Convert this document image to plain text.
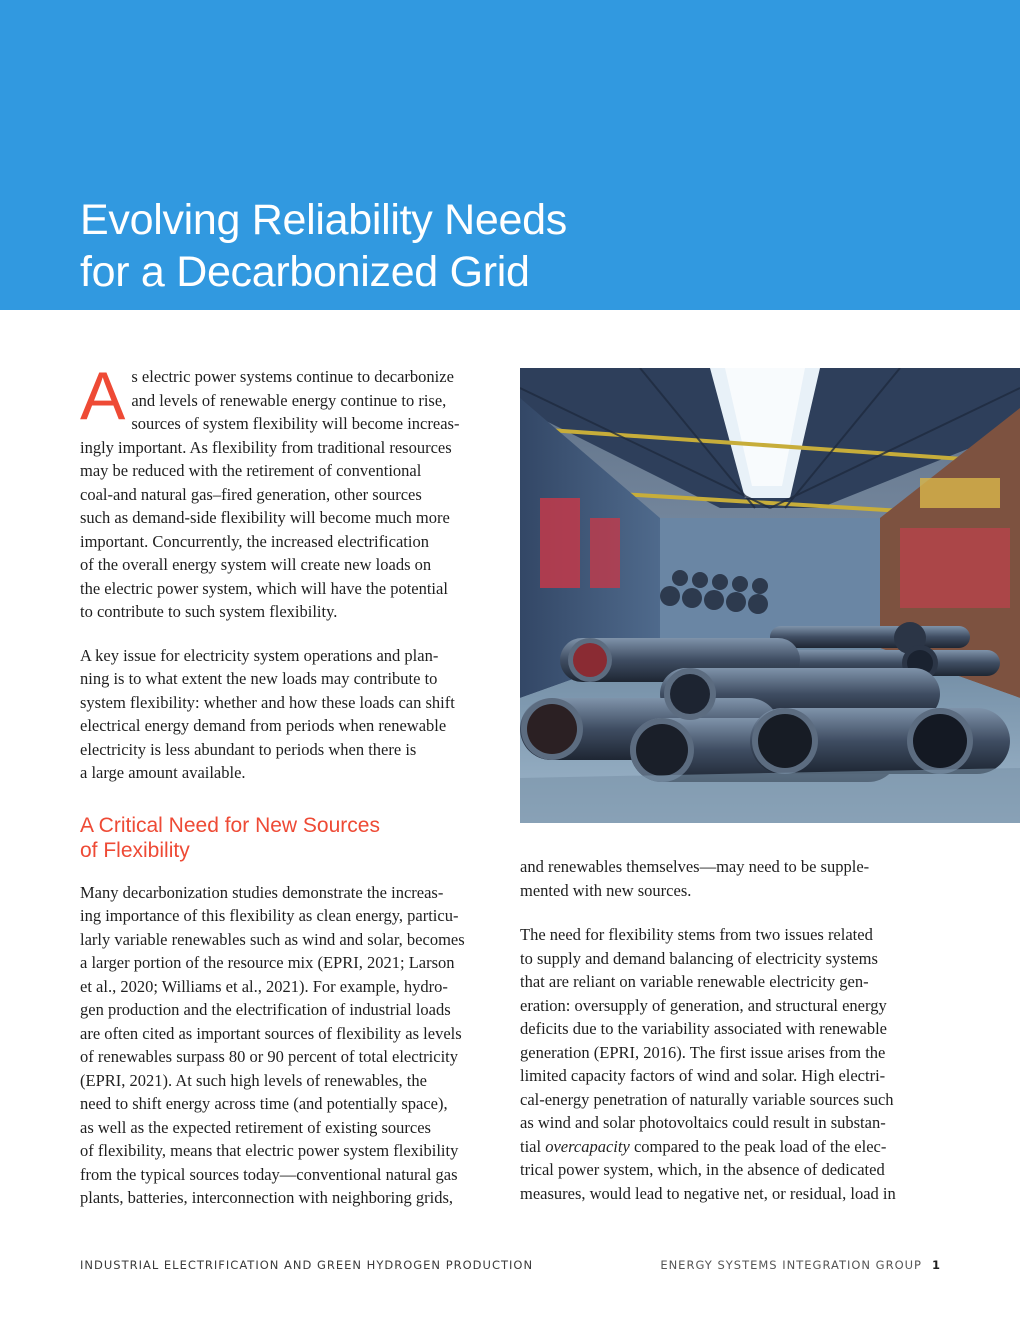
Evolving Reliability Needs
for a Decarbonized Grid
A s electric power systems continue to decarbonize
and levels of renewable energy continue to rise,
sources of system flexibility will become increas-
ingly important. As flexibility from traditional resources
may be reduced with the retirement of conventional
coal-and natural gas–fired generation, other sources
such as demand-side flexibility will become much more
important. Concurrently, the increased electrification
of the overall energy system will create new loads on
the electric power system, which will have the potential
to contribute to such system flexibility.
A key issue for electricity system operations and plan-
ning is to what extent the new loads may contribute to
system flexibility: whether and how these loads can shift
electrical energy demand from periods when renewable
electricity is less abundant to periods when there is
a large amount available.
A Critical Need for New Sources
of Flexibility
Many decarbonization studies demonstrate the increas-
ing importance of this flexibility as clean energy, particu-
larly variable renewables such as wind and solar, becomes
a larger portion of the resource mix (EPRI, 2021; Larson
et al., 2020; Williams et al., 2021). For example, hydro-
gen production and the electrification of industrial loads
are often cited as important sources of flexibility as levels
of renewables surpass 80 or 90 percent of total electricity
(EPRI, 2021). At such high levels of renewables, the
need to shift energy across time (and potentially space),
as well as the expected retirement of existing sources
of flexibility, means that electric power system flexibility
from the typical sources today—conventional natural gas
plants, batteries, interconnection with neighboring grids,
and renewables themselves—may need to be supple-
mented with new sources.
The need for flexibility stems from two issues related
to supply and demand balancing of electricity systems
that are reliant on variable renewable electricity gen-
eration: oversupply of generation, and structural energy
deficits due to the variability associated with renewable
generation (EPRI, 2016). The first issue arises from the
limited capacity factors of wind and solar. High electri-
cal-energy penetration of naturally variable sources such
as wind and solar photovoltaics could result in substan-
tial overcapacity compared to the peak load of the elec-
trical power system, which, in the absence of dedicated
measures, would lead to negative net, or residual, load in
INDUSTRIAL ELECTRIFICATION AND GREEN HYDROGEN PRODUCTION	ENERGY SYSTEMS INTEGRATION GROUP 1
